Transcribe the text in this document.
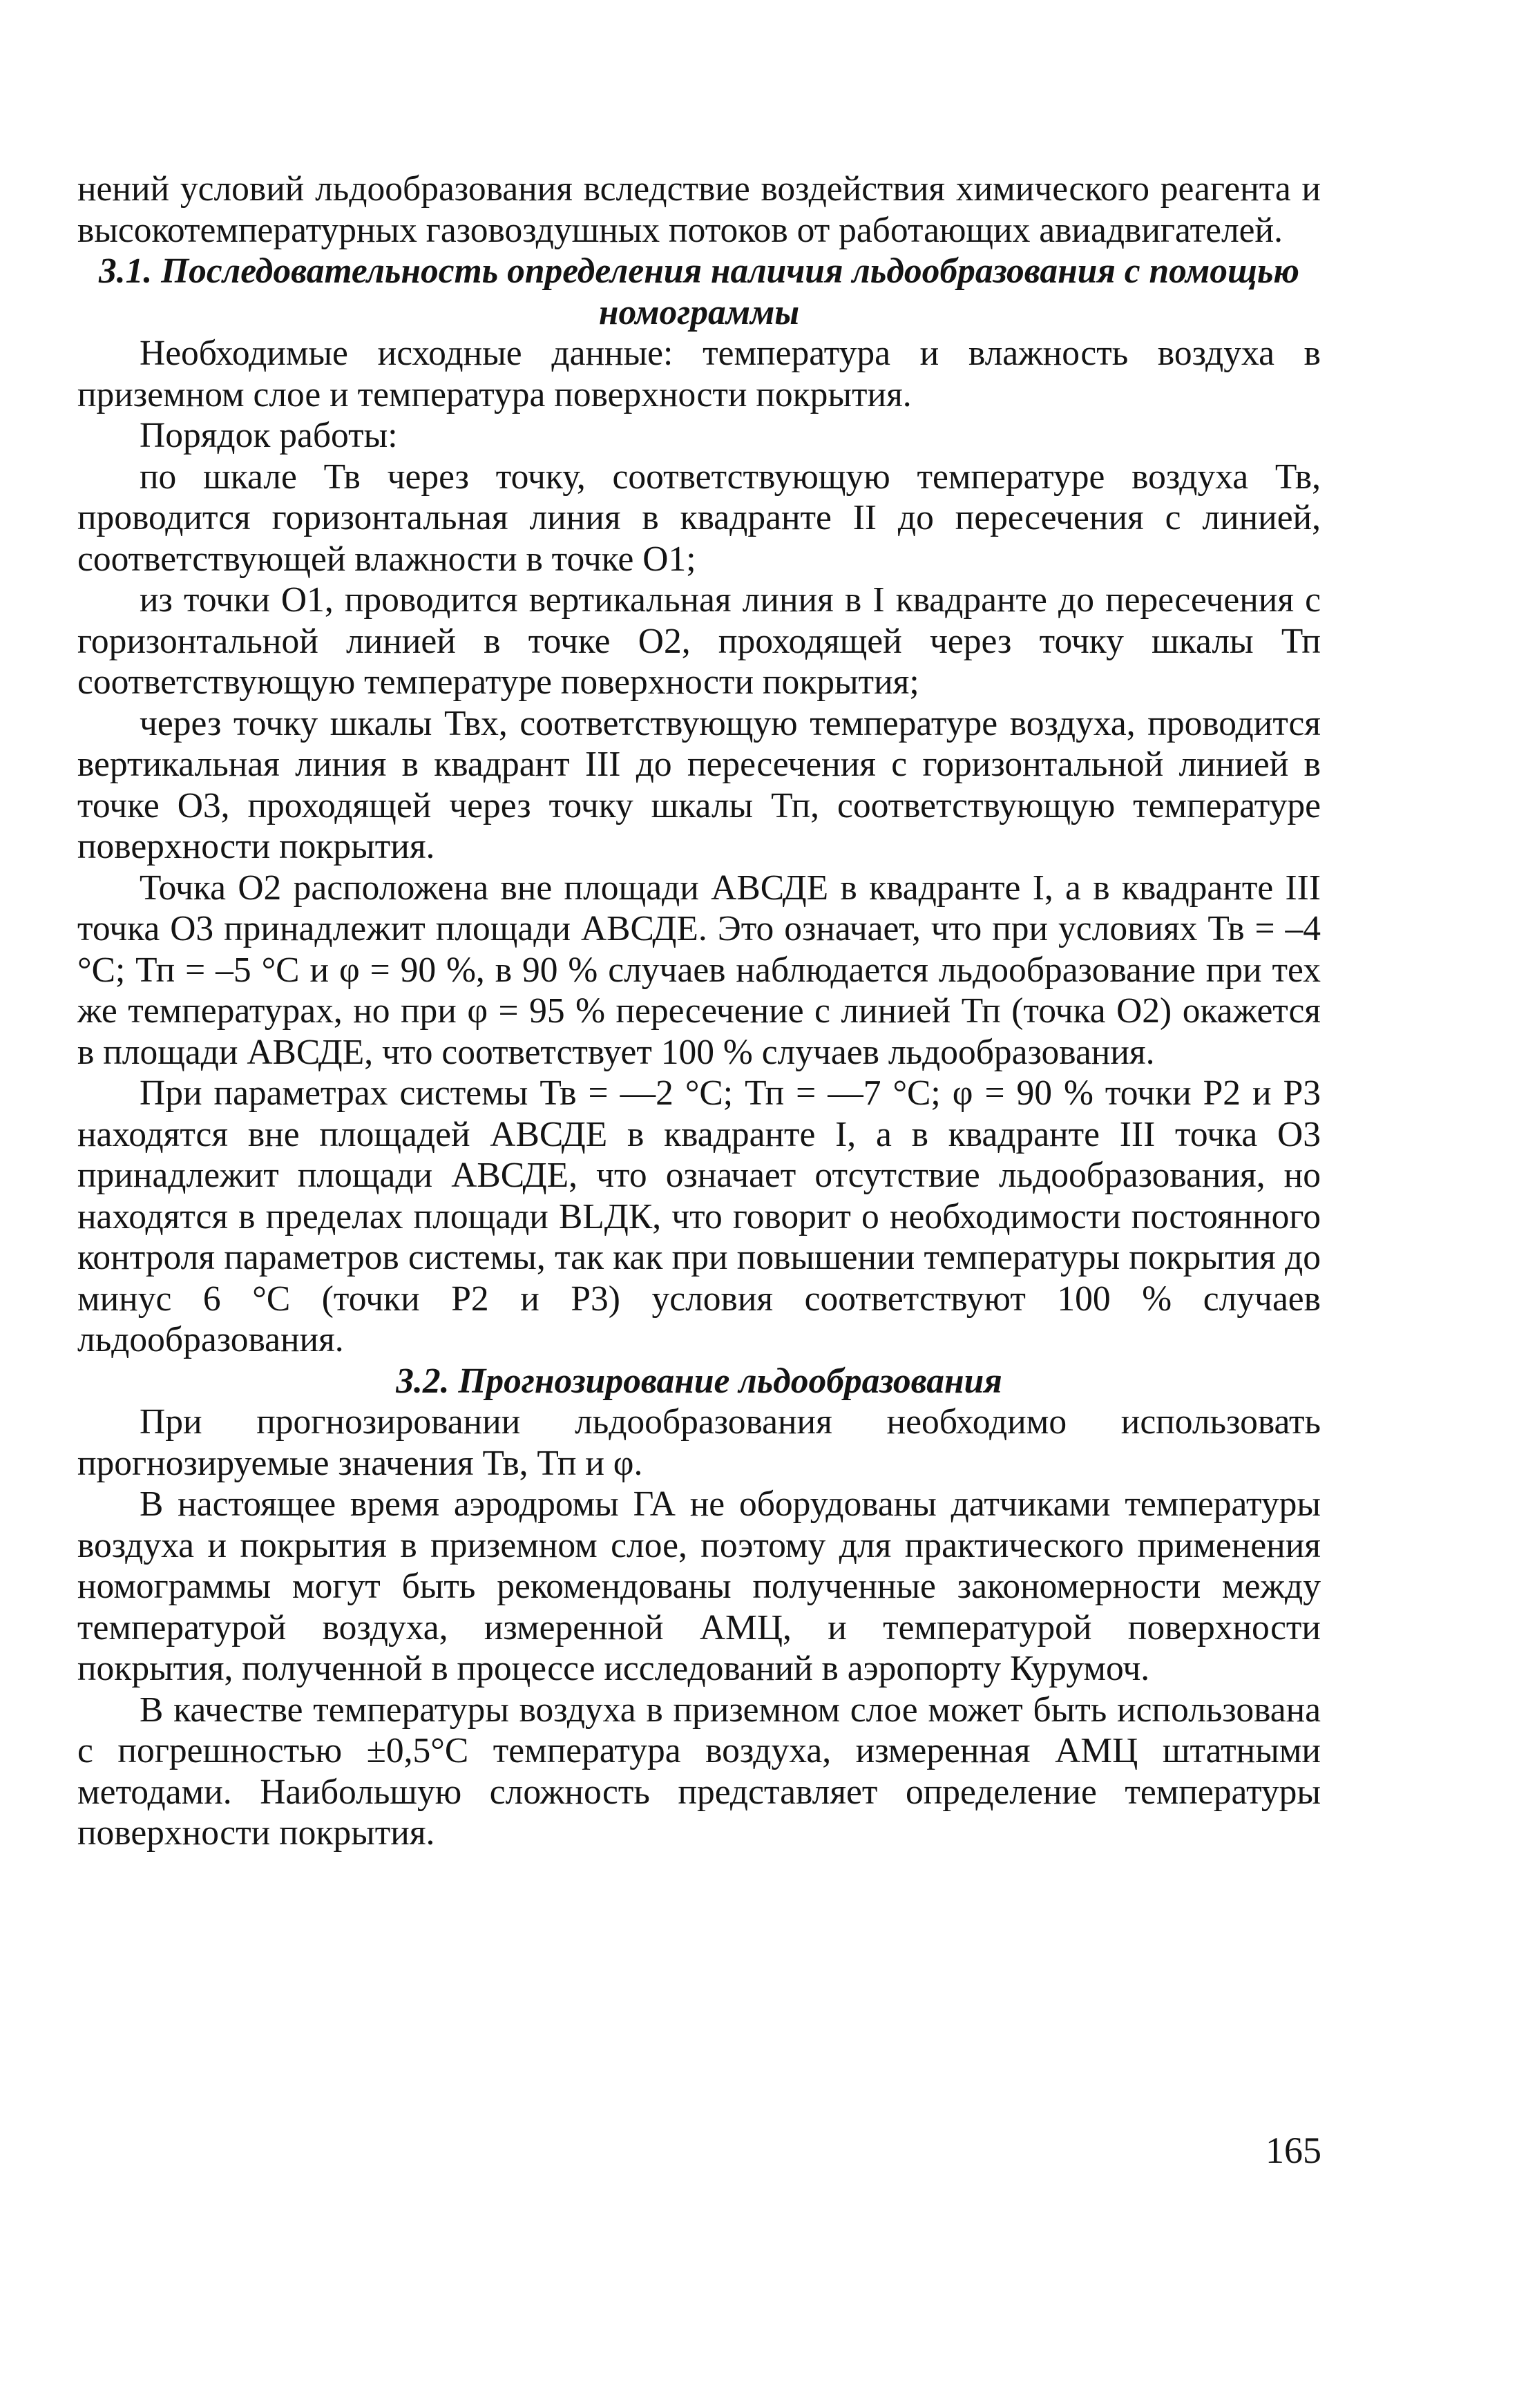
нений условий льдообразования вследствие воздействия химического реагента и высокотемпературных газовоздушных потоков от работающих авиадвигателей.

3.1. Последовательность определения наличия льдообразования с помощью номограммы

Необходимые исходные данные: температура и влажность воздуха в приземном слое и температура поверхности покрытия.

Порядок работы:

по шкале Тв через точку, соответствующую температуре воздуха Тв, проводится горизонтальная линия в квадранте II до пересечения с линией, соответствующей влажности в точке O1;

из точки O1, проводится вертикальная линия в I квадранте до пересечения с горизонтальной линией в точке O2, проходящей через точку шкалы Тп соответствующую температуре поверхности покрытия;

через точку шкалы Твх, соответствующую температуре воздуха, проводится вертикальная линия в квадрант III до пересечения с горизонтальной линией в точке O3, проходящей через точку шкалы Тп, соответствующую температуре поверхности покрытия.

Точка O2 расположена вне площади АВСДЕ в квадранте I, а в квадранте III точка O3 принадлежит площади АВСДЕ. Это означает, что при условиях Тв = –4 °С; Тп = –5 °С и φ = 90 %, в 90 % случаев наблюдается льдообразование при тех же температурах, но при φ = 95 % пересечение с линией Тп (точка O2) окажется в площади АВСДЕ, что соответствует 100 % случаев льдообразования.

При параметрах системы Тв = —2 °С; Тп = —7 °С; φ = 90 % точки P2 и P3 находятся вне площадей АВСДЕ в квадранте I, а в квадранте III точка O3 принадлежит площади АВСДЕ, что означает отсутствие льдообразования, но находятся в пределах площади BLДК, что говорит о необходимости постоянного контроля параметров системы, так как при повышении температуры покрытия до минус 6 °С (точки P2 и P3) условия соответствуют 100 % случаев льдообразования.

3.2. Прогнозирование льдообразования

При прогнозировании льдообразования необходимо использовать прогнозируемые значения Тв, Тп и φ.

В настоящее время аэродромы ГА не оборудованы датчиками температуры воздуха и покрытия в приземном слое, поэтому для практического применения номограммы могут быть рекомендованы полученные закономерности между температурой воздуха, измеренной АМЦ, и температурой поверхности покрытия, полученной в процессе исследований в аэропорту Курумоч.

В качестве температуры воздуха в приземном слое может быть использована с погрешностью ±0,5°С температура воздуха, измеренная АМЦ штатными методами. Наибольшую сложность представляет определение температуры поверхности покрытия.

165
